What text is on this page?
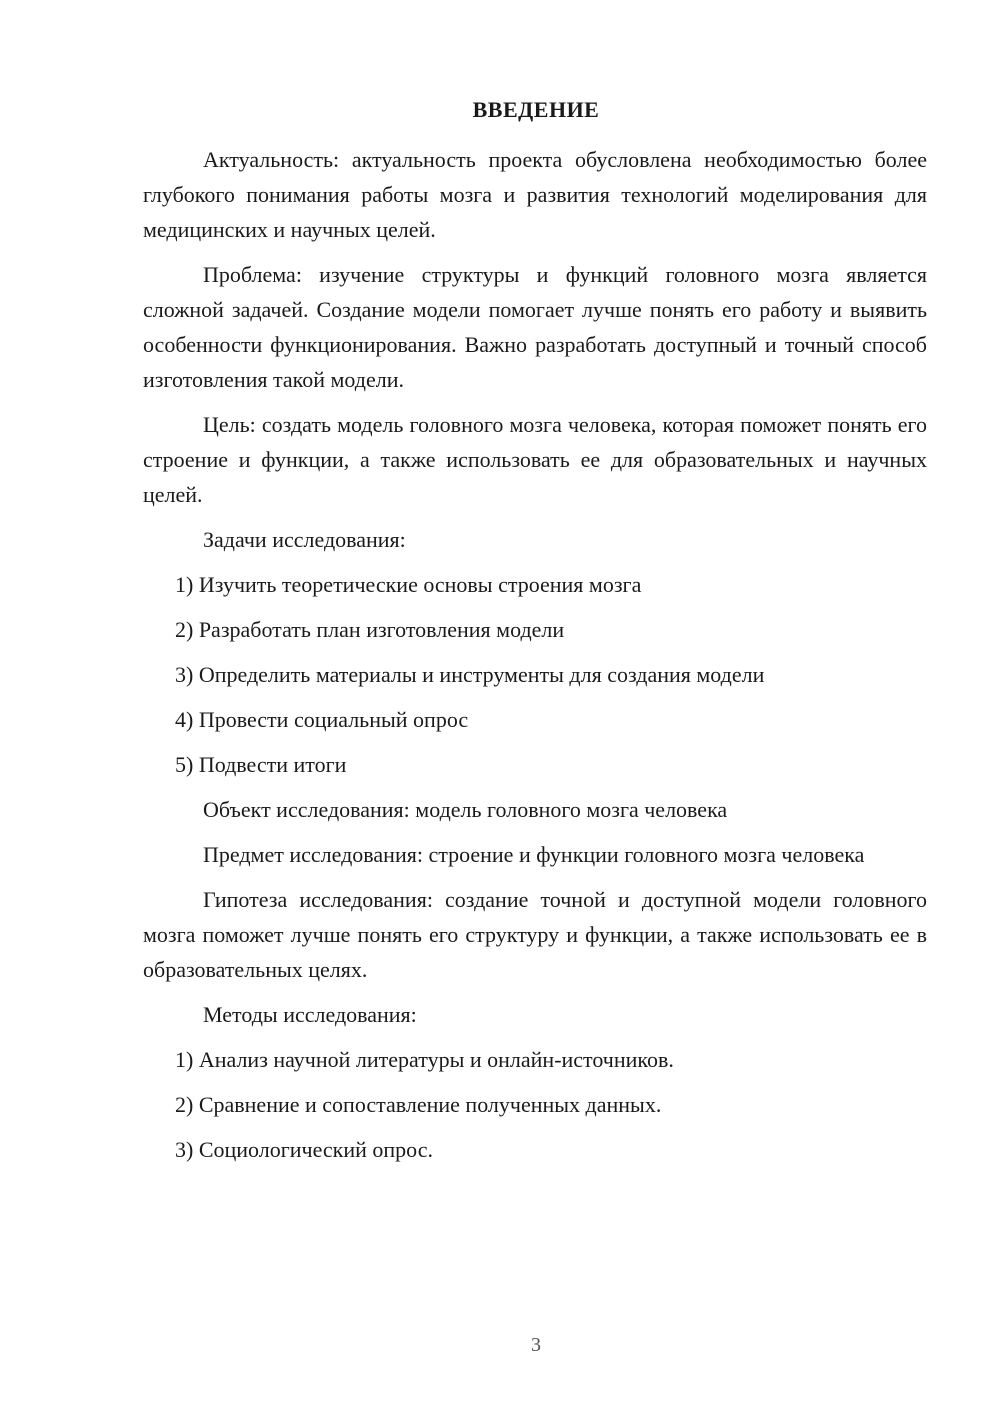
ВВЕДЕНИЕ

Актуальность: актуальность проекта обусловлена необходимостью более глубокого понимания работы мозга и развития технологий моделирования для медицинских и научных целей.

Проблема: изучение структуры и функций головного мозга является сложной задачей. Создание модели помогает лучше понять его работу и выявить особенности функционирования. Важно разработать доступный и точный способ изготовления такой модели.

Цель: создать модель головного мозга человека, которая поможет понять его строение и функции, а также использовать ее для образовательных и научных целей.

Задачи исследования:

1) Изучить теоретические основы строения мозга
2) Разработать план изготовления модели
3) Определить материалы и инструменты для создания модели
4) Провести социальный опрос
5) Подвести итоги

Объект исследования: модель головного мозга человека

Предмет исследования: строение и функции головного мозга человека

Гипотеза исследования: создание точной и доступной модели головного мозга поможет лучше понять его структуру и функции, а также использовать ее в образовательных целях.

Методы исследования:

1) Анализ научной литературы и онлайн-источников.
2) Сравнение и сопоставление полученных данных.
3) Социологический опрос.
3
